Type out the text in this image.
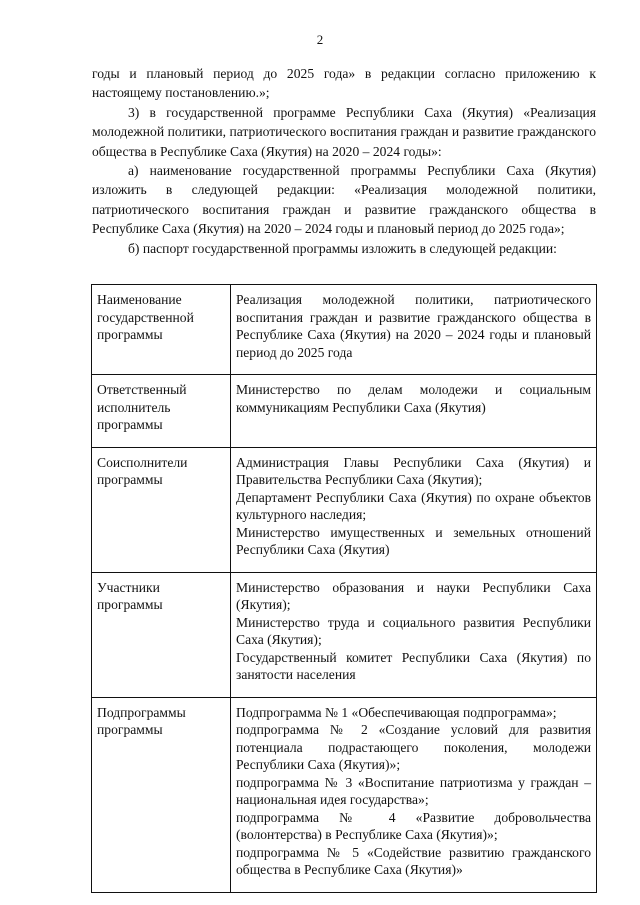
2

годы и плановый период до 2025 года» в редакции согласно приложению к настоящему постановлению.»;

3) в государственной программе Республики Саха (Якутия) «Реализация молодежной политики, патриотического воспитания граждан и развитие гражданского общества в Республике Саха (Якутия) на 2020 – 2024 годы»:

а) наименование государственной программы Республики Саха (Якутия) изложить в следующей редакции: «Реализация молодежной политики, патриотического воспитания граждан и развитие гражданского общества в Республике Саха (Якутия) на 2020 – 2024 годы и плановый период до 2025 года»;

б) паспорт государственной программы изложить в следующей редакции:

Наименование государственной программы	Реализация молодежной политики, патриотического воспитания граждан и развитие гражданского общества в Республике Саха (Якутия) на 2020 – 2024 годы и плановый период до 2025 года

Ответственный исполнитель программы	Министерство по делам молодежи и социальным коммуникациям Республики Саха (Якутия)

Соисполнители программы	Администрация Главы Республики Саха (Якутия) и Правительства Республики Саха (Якутия);
Департамент Республики Саха (Якутия) по охране объектов культурного наследия;
Министерство имущественных и земельных отношений Республики Саха (Якутия)

Участники программы	Министерство образования и науки Республики Саха (Якутия);
Министерство труда и социального развития Республики Саха (Якутия);
Государственный комитет Республики Саха (Якутия) по занятости населения

Подпрограммы программы	Подпрограмма № 1 «Обеспечивающая подпрограмма»;
подпрограмма № 2 «Создание условий для развития потенциала подрастающего поколения, молодежи Республики Саха (Якутия)»;
подпрограмма № 3 «Воспитание патриотизма у граждан – национальная идея государства»;
подпрограмма № 4 «Развитие добровольчества (волонтерства) в Республике Саха (Якутия)»;
подпрограмма № 5 «Содействие развитию гражданского общества в Республике Саха (Якутия)»
